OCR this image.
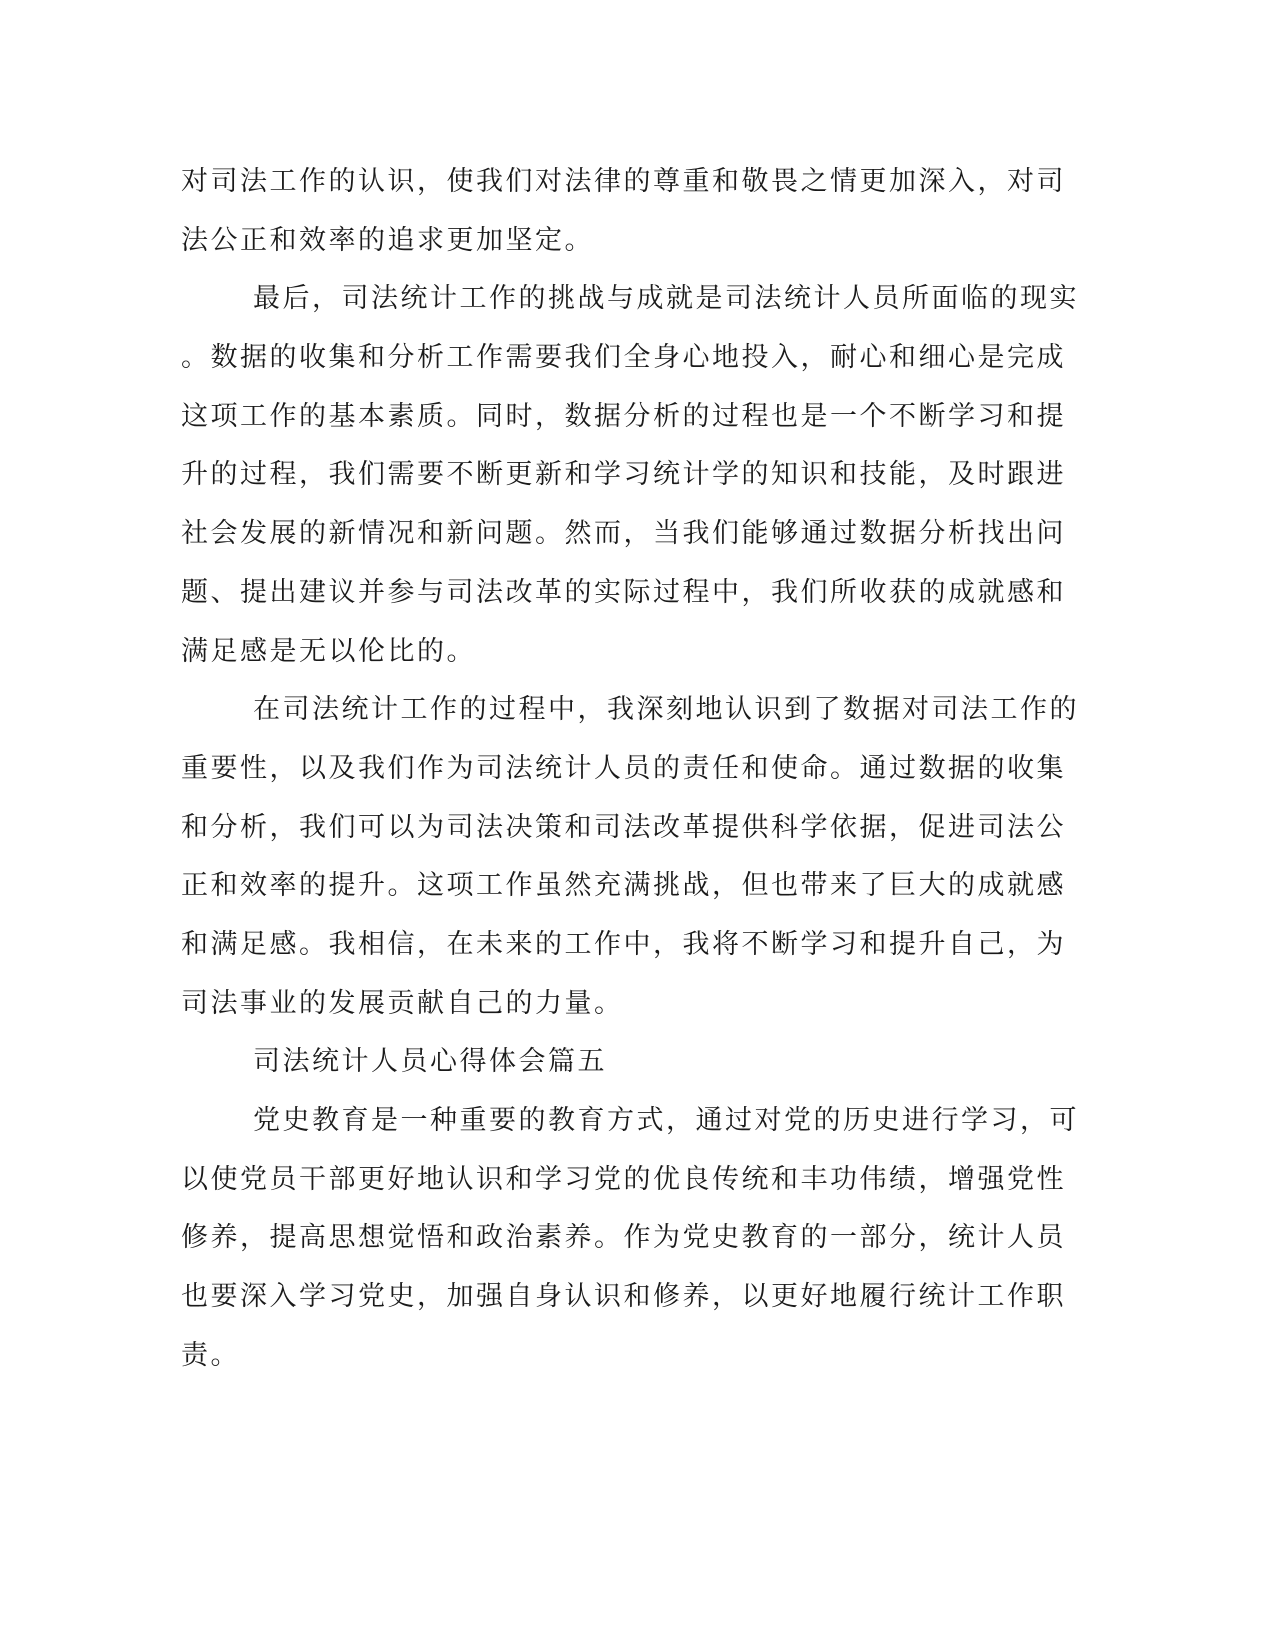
对司法工作的认识，使我们对法律的尊重和敬畏之情更加深入，对司
法公正和效率的追求更加坚定。
最后，司法统计工作的挑战与成就是司法统计人员所面临的现实
。数据的收集和分析工作需要我们全身心地投入，耐心和细心是完成
这项工作的基本素质。同时，数据分析的过程也是一个不断学习和提
升的过程，我们需要不断更新和学习统计学的知识和技能，及时跟进
社会发展的新情况和新问题。然而，当我们能够通过数据分析找出问
题、提出建议并参与司法改革的实际过程中，我们所收获的成就感和
满足感是无以伦比的。
在司法统计工作的过程中，我深刻地认识到了数据对司法工作的
重要性，以及我们作为司法统计人员的责任和使命。通过数据的收集
和分析，我们可以为司法决策和司法改革提供科学依据，促进司法公
正和效率的提升。这项工作虽然充满挑战，但也带来了巨大的成就感
和满足感。我相信，在未来的工作中，我将不断学习和提升自己，为
司法事业的发展贡献自己的力量。
司法统计人员心得体会篇五
党史教育是一种重要的教育方式，通过对党的历史进行学习，可
以使党员干部更好地认识和学习党的优良传统和丰功伟绩，增强党性
修养，提高思想觉悟和政治素养。作为党史教育的一部分，统计人员
也要深入学习党史，加强自身认识和修养，以更好地履行统计工作职
责。
